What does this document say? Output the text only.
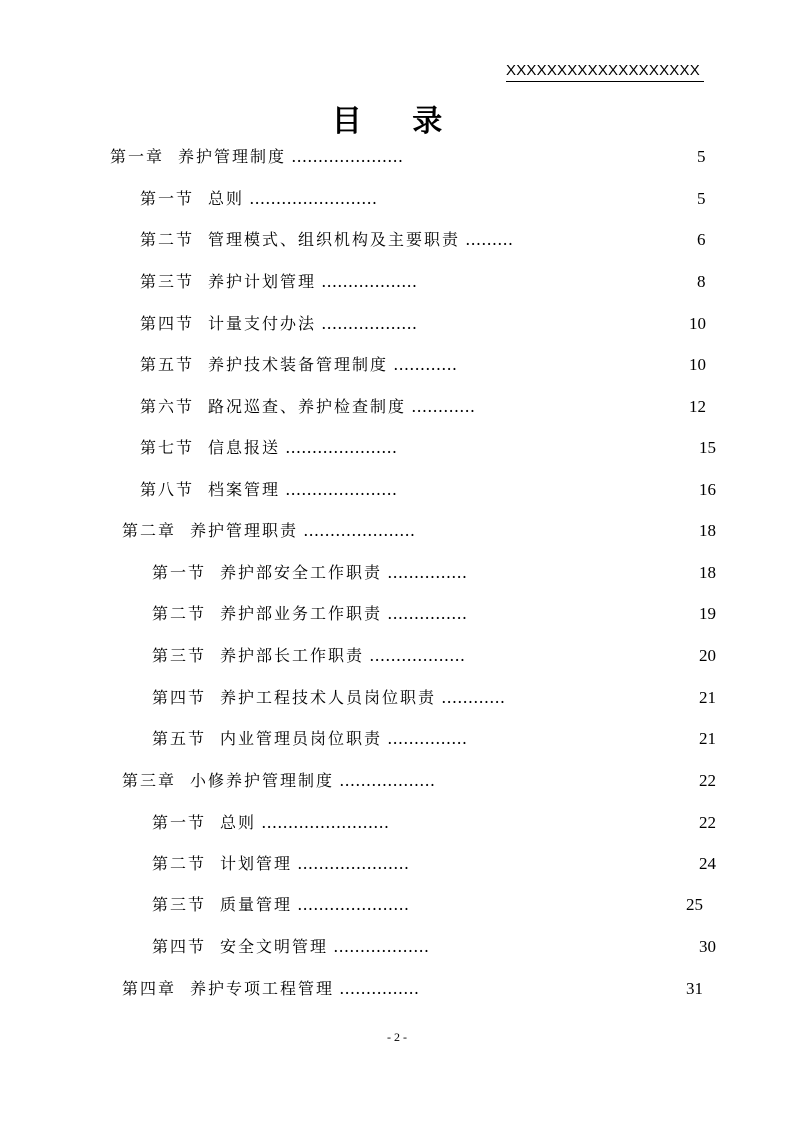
XXXXXXXXXXXXXXXXXXX
目 录
第一章 养护管理制度 …………………	5
第一节 总则 ……………………	5
第二节 管理模式、组织机构及主要职责 ………	6
第三节 养护计划管理 ………………	8
第四节 计量支付办法 ………………	10
第五节 养护技术装备管理制度 …………	10
第六节 路况巡查、养护检查制度 …………	12
第七节 信息报送 …………………	15
第八节 档案管理 …………………	16
第二章 养护管理职责 …………………	18
第一节 养护部安全工作职责 ……………	18
第二节 养护部业务工作职责 ……………	19
第三节 养护部长工作职责 ………………	20
第四节 养护工程技术人员岗位职责 …………	21
第五节 内业管理员岗位职责 ……………	21
第三章 小修养护管理制度 ………………	22
第一节 总则 ……………………	22
第二节 计划管理 …………………	24
第三节 质量管理 …………………	25
第四节 安全文明管理 ………………	30
第四章 养护专项工程管理 ……………	31
- 2 -
